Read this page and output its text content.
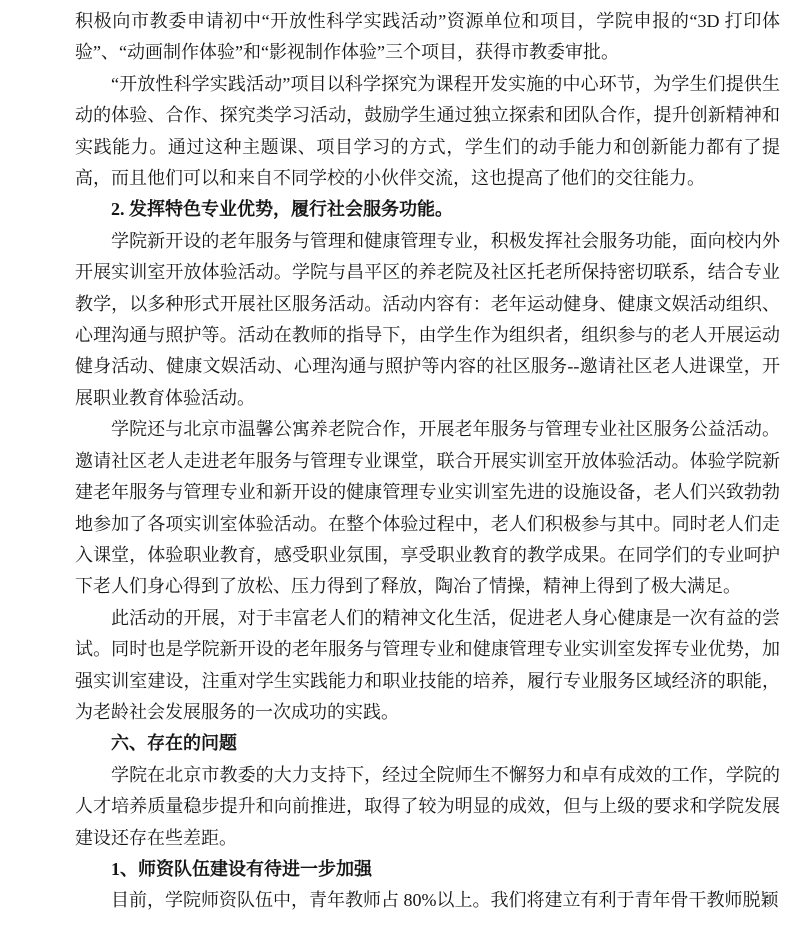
积极向市教委申请初中“开放性科学实践活动”资源单位和项目，学院申报的“3D 打印体验”、“动画制作体验”和“影视制作体验”三个项目，获得市教委审批。

“开放性科学实践活动”项目以科学探究为课程开发实施的中心环节，为学生们提供生动的体验、合作、探究类学习活动，鼓励学生通过独立探索和团队合作，提升创新精神和实践能力。通过这种主题课、项目学习的方式，学生们的动手能力和创新能力都有了提高，而且他们可以和来自不同学校的小伙伴交流，这也提高了他们的交往能力。

2. 发挥特色专业优势，履行社会服务功能。

学院新开设的老年服务与管理和健康管理专业，积极发挥社会服务功能，面向校内外开展实训室开放体验活动。学院与昌平区的养老院及社区托老所保持密切联系，结合专业教学，以多种形式开展社区服务活动。活动内容有：老年运动健身、健康文娱活动组织、心理沟通与照护等。活动在教师的指导下，由学生作为组织者，组织参与的老人开展运动健身活动、健康文娱活动、心理沟通与照护等内容的社区服务--邀请社区老人进课堂，开展职业教育体验活动。

学院还与北京市温馨公寓养老院合作，开展老年服务与管理专业社区服务公益活动。邀请社区老人走进老年服务与管理专业课堂，联合开展实训室开放体验活动。体验学院新建老年服务与管理专业和新开设的健康管理专业实训室先进的设施设备，老人们兴致勃勃地参加了各项实训室体验活动。在整个体验过程中，老人们积极参与其中。同时老人们走入课堂，体验职业教育，感受职业氛围，享受职业教育的教学成果。在同学们的专业呵护下老人们身心得到了放松、压力得到了释放，陶冶了情操，精神上得到了极大满足。

此活动的开展，对于丰富老人们的精神文化生活，促进老人身心健康是一次有益的尝试。同时也是学院新开设的老年服务与管理专业和健康管理专业实训室发挥专业优势，加强实训室建设，注重对学生实践能力和职业技能的培养，履行专业服务区域经济的职能，为老龄社会发展服务的一次成功的实践。

六、存在的问题

学院在北京市教委的大力支持下，经过全院师生不懈努力和卓有成效的工作，学院的人才培养质量稳步提升和向前推进，取得了较为明显的成效，但与上级的要求和学院发展建设还存在些差距。

1、师资队伍建设有待进一步加强

目前，学院师资队伍中，青年教师占 80%以上。我们将建立有利于青年骨干教师脱颖
